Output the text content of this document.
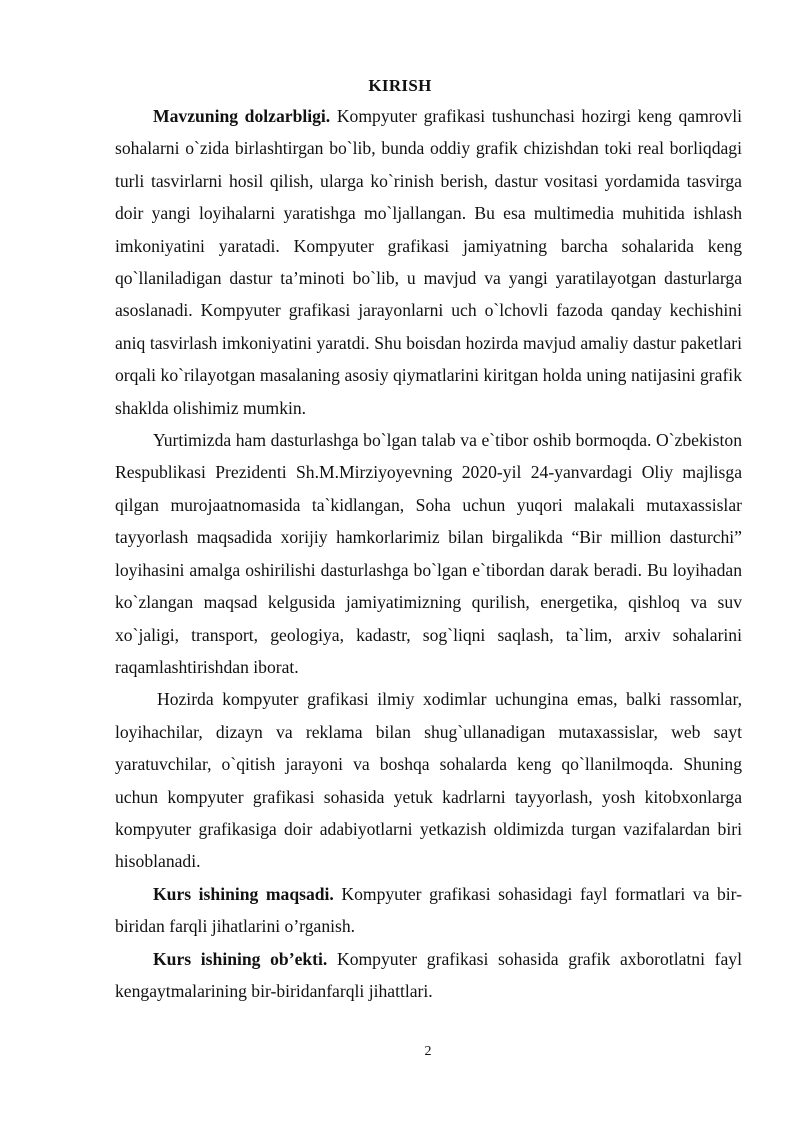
KIRISH

Mavzuning dolzarbligi. Kompyuter grafikasi tushunchasi hozirgi keng qamrovli sohalarni o`zida birlashtirgan bo`lib, bunda oddiy grafik chizishdan toki real borliqdagi turli tasvirlarni hosil qilish, ularga ko`rinish berish, dastur vositasi yordamida tasvirga doir yangi loyihalarni yaratishga mo`ljallangan. Bu esa multimedia muhitida ishlash imkoniyatini yaratadi. Kompyuter grafikasi jamiyatning barcha sohalarida keng qo`llaniladigan dastur ta’minoti bo`lib, u mavjud va yangi yaratilayotgan dasturlarga asoslanadi. Kompyuter grafikasi jarayonlarni uch o`lchovli fazoda qanday kechishini aniq tasvirlash imkoniyatini yaratdi. Shu boisdan hozirda mavjud amaliy dastur paketlari orqali ko`rilayotgan masalaning asosiy qiymatlarini kiritgan holda uning natijasini grafik shaklda olishimiz mumkin.

Yurtimizda ham dasturlashga bo`lgan talab va e`tibor oshib bormoqda. O`zbekiston Respublikasi Prezidenti Sh.M.Mirziyoyevning 2020-yil 24-yanvardagi Oliy majlisga qilgan murojaatnomasida ta`kidlangan, Soha uchun yuqori malakali mutaxassislar tayyorlash maqsadida xorijiy hamkorlarimiz bilan birgalikda “Bir million dasturchi” loyihasini amalga oshirilishi dasturlashga bo`lgan e`tibordan darak beradi. Bu loyihadan ko`zlangan maqsad kelgusida jamiyatimizning qurilish, energetika, qishloq va suv xo`jaligi, transport, geologiya, kadastr, sog`liqni saqlash, ta`lim, arxiv sohalarini raqamlashtirishdan iborat.

Hozirda kompyuter grafikasi ilmiy xodimlar uchungina emas, balki rassomlar, loyihachilar, dizayn va reklama bilan shug`ullanadigan mutaxassislar, web sayt yaratuvchilar, o`qitish jarayoni va boshqa sohalarda keng qo`llanilmoqda. Shuning uchun kompyuter grafikasi sohasida yetuk kadrlarni tayyorlash, yosh kitobxonlarga kompyuter grafikasiga doir adabiyotlarni yetkazish oldimizda turgan vazifalardan biri hisoblanadi.

Kurs ishining maqsadi. Kompyuter grafikasi sohasidagi fayl formatlari va bir-biridan farqli jihatlarini o’rganish.

Kurs ishining ob’ekti. Kompyuter grafikasi sohasida grafik axborotlatni fayl kengaytmalarining bir-biridanfarqli jihattlari.

2
